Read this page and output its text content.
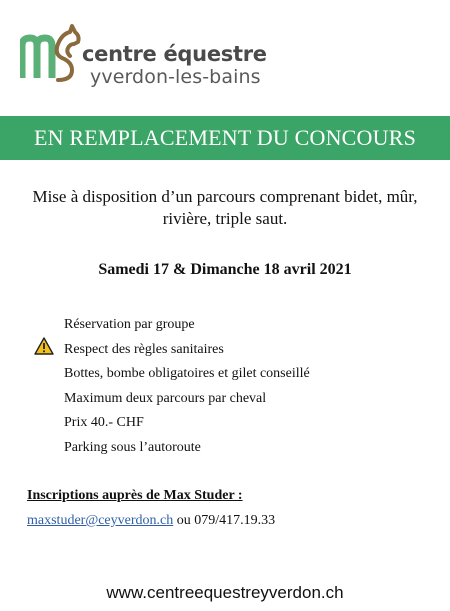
centre équestre
yverdon-les-bains
EN REMPLACEMENT DU CONCOURS
Mise à disposition d’un parcours comprenant bidet, mûr, rivière, triple saut.
Samedi 17 & Dimanche 18 avril 2021
Réservation par groupe
Respect des règles sanitaires
Bottes, bombe obligatoires et gilet conseillé
Maximum deux parcours par cheval
Prix 40.- CHF
Parking sous l’autoroute
Inscriptions auprès de Max Studer :
maxstuder@ceyverdon.ch ou 079/417.19.33
www.centreequestreyverdon.ch
